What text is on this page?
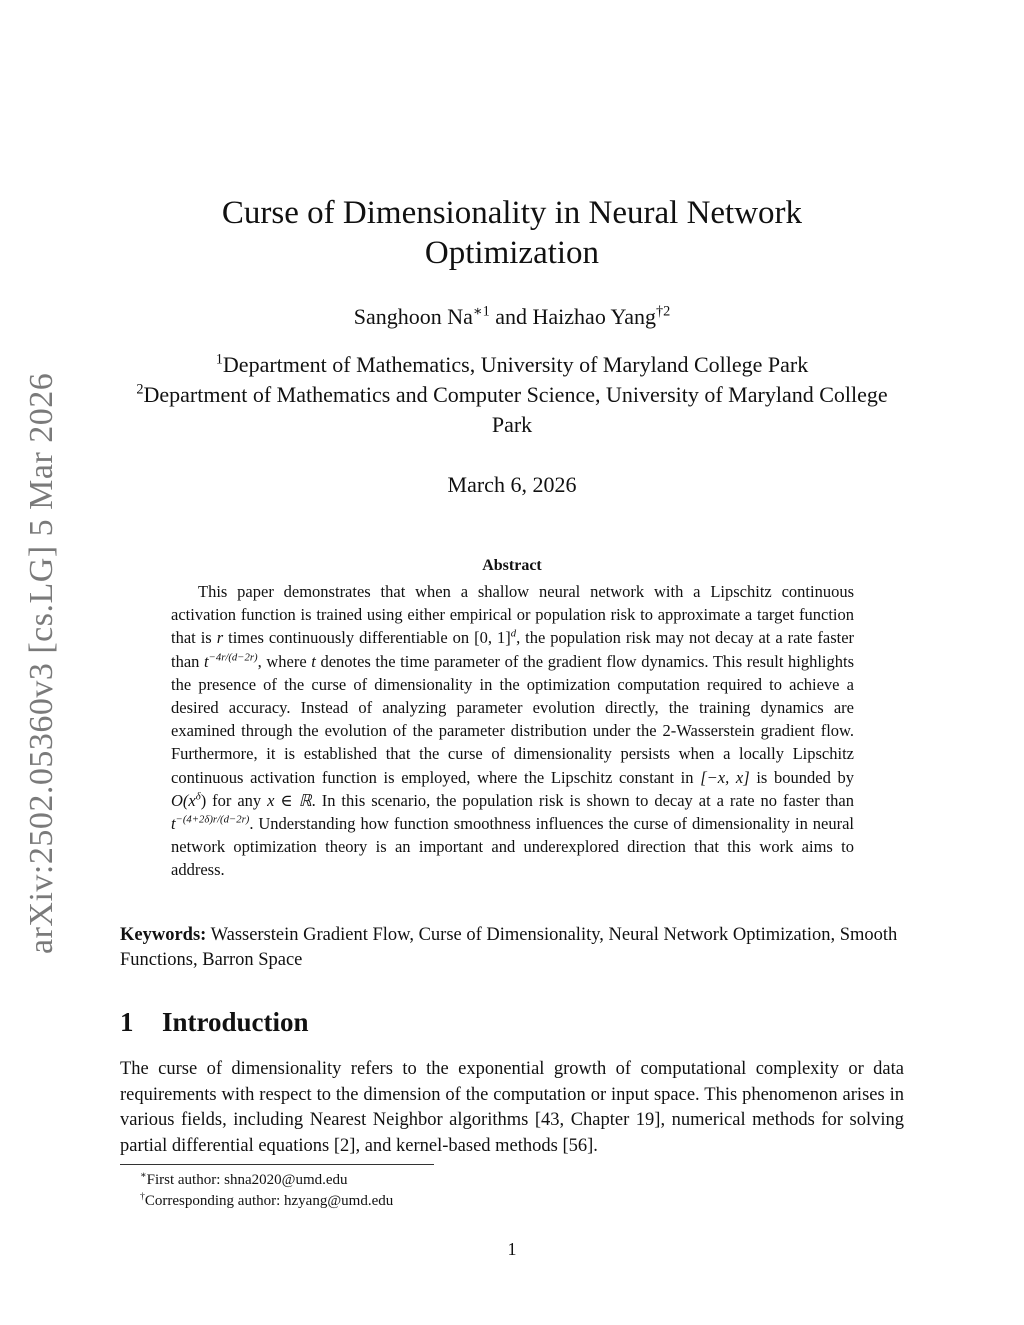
arXiv:2502.05360v3 [cs.LG] 5 Mar 2026
Curse of Dimensionality in Neural Network
Optimization
Sanghoon $Na^{∗1}$ and Haizhao Yang$^{\dagger 2}$
$^1$Department of Mathematics, University of Maryland College Park
$^2$Department of Mathematics and Computer Science, University of Maryland College Park
March 6, 2026
Abstract

This paper demonstrates that when a shallow neural network with a Lipschitz continuous activation function is trained using either empirical or population risk to approximate a target function that is r times continuously differentiable on [0, 1]$^d$, the population risk may not decay at a rate faster than $t^{-4r/(d-2r)}$, where t denotes the time parameter of the gradient flow dynamics. This result highlights the presence of the curse of dimensionality in the optimization computation required to achieve a desired accuracy. Instead of analyzing parameter evolution directly, the training dynamics are examined through the evolution of the parameter distribution under the 2-Wasserstein gradient flow. Furthermore, it is established that the curse of dimensionality persists when a locally Lipschitz continuous activation function is employed, where the Lipschitz constant in [−x, x] is bounded by $O(x^\delta)$ for any x ∈ ℝ. In this scenario, the population risk is shown to decay at a rate no faster than $t^{-(4+2\delta)r/(d-2r)}$. Understanding how function smoothness influences the curse of dimensionality in neural network optimization theory is an important and underexplored direction that this work aims to address.

Keywords: Wasserstein Gradient Flow, Curse of Dimensionality, Neural Network Optimization, Smooth Functions, Barron Space
1 Introduction

The curse of dimensionality refers to the exponential growth of computational complexity or data requirements with respect to the dimension of the computation or input space. This phenomenon arises in various fields, including Nearest Neighbor algorithms [43, Chapter 19], numerical methods for solving partial differential equations [2], and kernel-based methods [56].

∗First author: shna2020@umd.edu
†Corresponding author: hzyang@umd.edu
1
